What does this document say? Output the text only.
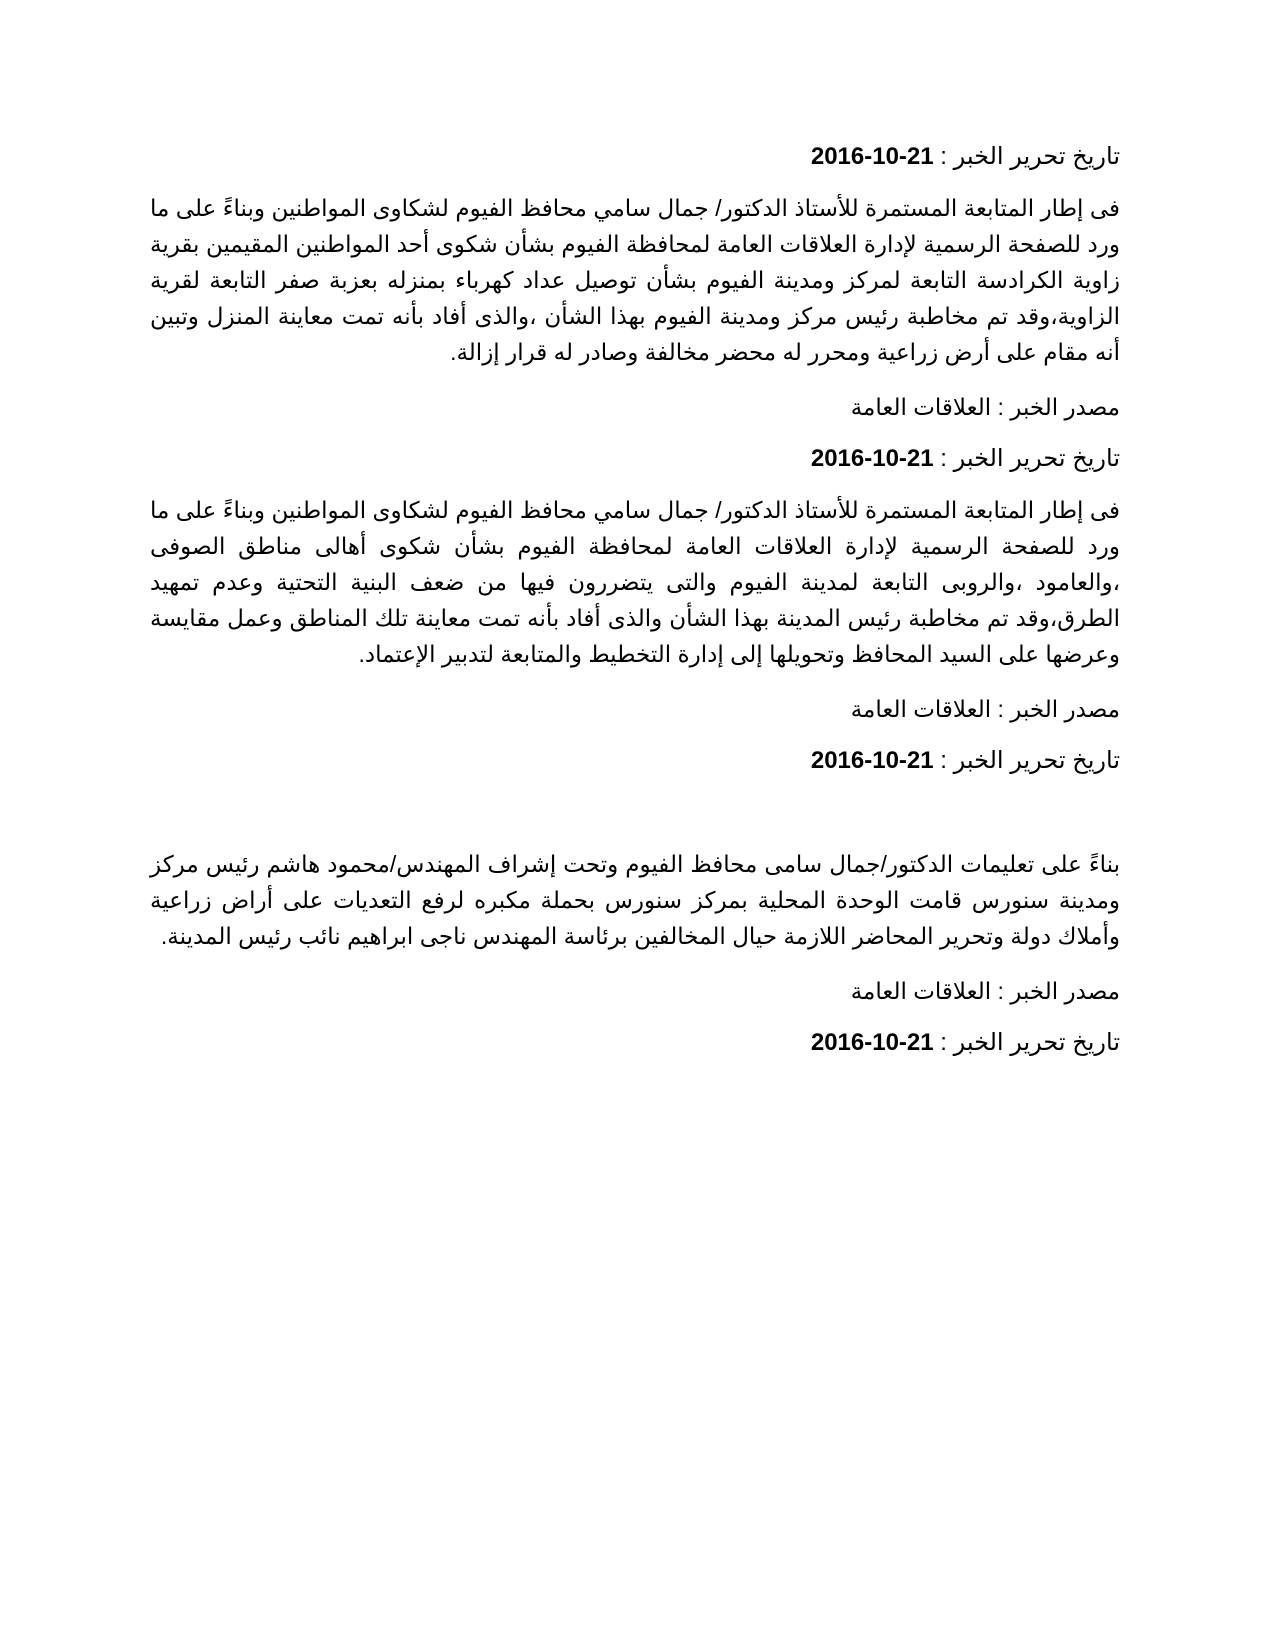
تاريخ تحرير الخبر : 2016-10-21

فى إطار المتابعة المستمرة للأستاذ الدكتور/ جمال سامي محافظ الفيوم لشكاوى المواطنين وبناءً على ما ورد للصفحة الرسمية لإدارة العلاقات العامة لمحافظة الفيوم بشأن شكوى أحد المواطنين المقيمين بقرية زاوية الكرادسة التابعة لمركز ومدينة الفيوم بشأن توصيل عداد كهرباء بمنزله بعزبة صفر التابعة لقرية الزاوية،وقد تم مخاطبة رئيس مركز ومدينة الفيوم بهذا الشأن ،والذى أفاد بأنه تمت معاينة المنزل وتبين أنه مقام على أرض زراعية ومحرر له محضر مخالفة وصادر له قرار إزالة.

مصدر الخبر : العلاقات العامة
تاريخ تحرير الخبر : 2016-10-21

فى إطار المتابعة المستمرة للأستاذ الدكتور/ جمال سامي محافظ الفيوم لشكاوى المواطنين وبناءً على ما ورد للصفحة الرسمية لإدارة العلاقات العامة لمحافظة الفيوم بشأن شكوى أهالى مناطق الصوفى ،والعامود ،والروبى التابعة لمدينة الفيوم والتى يتضررون فيها من ضعف البنية التحتية وعدم تمهيد الطرق،وقد تم مخاطبة رئيس المدينة بهذا الشأن والذى أفاد بأنه تمت معاينة تلك المناطق وعمل مقايسة وعرضها على السيد المحافظ وتحويلها إلى إدارة التخطيط والمتابعة لتدبير الإعتماد.

مصدر الخبر : العلاقات العامة
تاريخ تحرير الخبر : 2016-10-21

بناءً على تعليمات الدكتور/جمال سامى محافظ الفيوم وتحت إشراف المهندس/محمود هاشم رئيس مركز ومدينة سنورس قامت الوحدة المحلية بمركز سنورس بحملة مكبره لرفع التعديات على أراض زراعية وأملاك دولة وتحرير المحاضر اللازمة حيال المخالفين برئاسة المهندس ناجى ابراهيم نائب رئيس المدينة.

مصدر الخبر : العلاقات العامة
تاريخ تحرير الخبر : 2016-10-21
